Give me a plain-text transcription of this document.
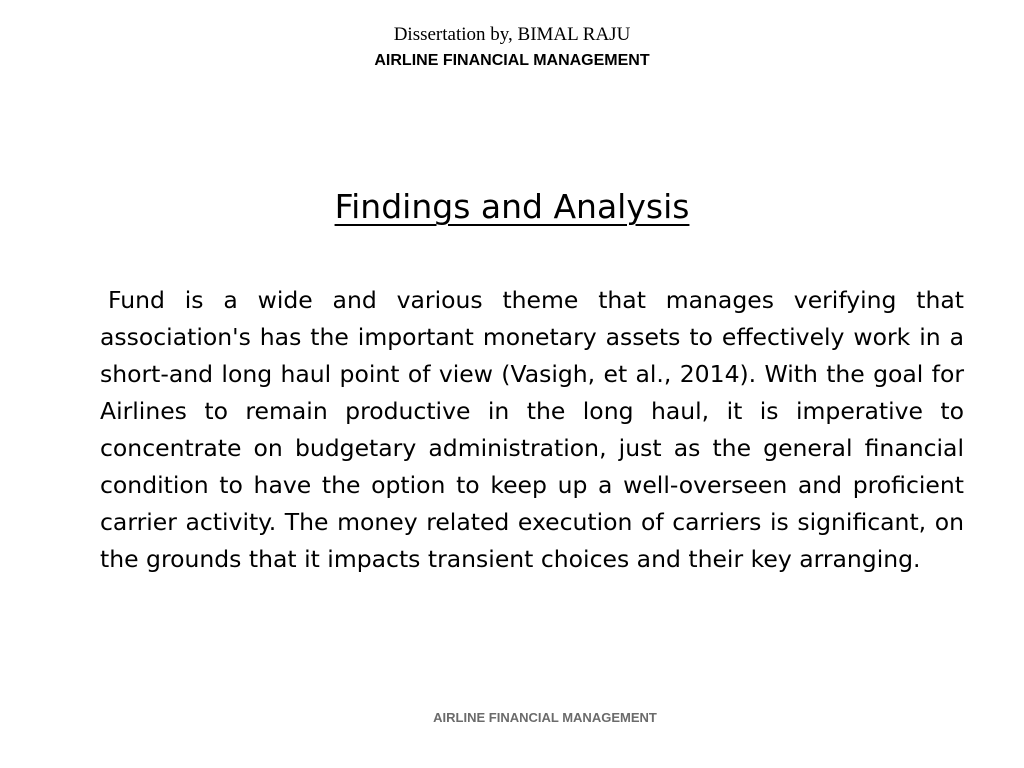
Dissertation by, BIMAL RAJU
AIRLINE FINANCIAL MANAGEMENT
Findings and Analysis

Fund is a wide and various theme that manages verifying that association's has the important monetary assets to effectively work in a short-and long haul point of view (Vasigh, et al., 2014). With the goal for Airlines to remain productive in the long haul, it is imperative to concentrate on budgetary administration, just as the general financial condition to have the option to keep up a well-overseen and proficient carrier activity. The money related execution of carriers is significant, on the grounds that it impacts transient choices and their key arranging.

AIRLINE FINANCIAL MANAGEMENT
